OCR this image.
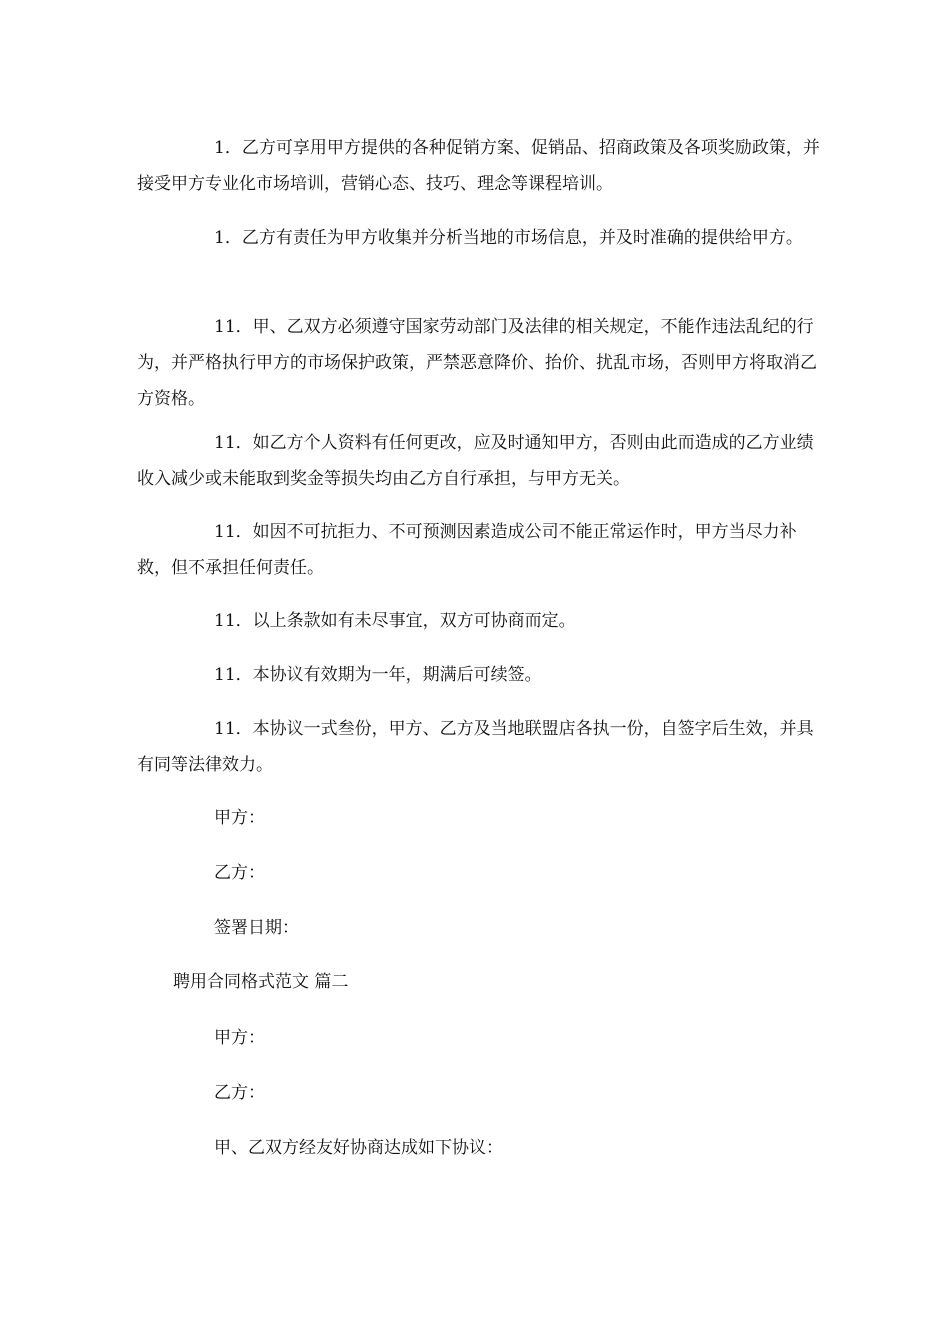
1．乙方可享用甲方提供的各种促销方案、促销品、招商政策及各项奖励政策，并接受甲方专业化市场培训，营销心态、技巧、理念等课程培训。

1．乙方有责任为甲方收集并分析当地的市场信息，并及时准确的提供给甲方。

11．甲、乙双方必须遵守国家劳动部门及法律的相关规定，不能作违法乱纪的行为，并严格执行甲方的市场保护政策，严禁恶意降价、抬价、扰乱市场，否则甲方将取消乙方资格。

11．如乙方个人资料有任何更改，应及时通知甲方，否则由此而造成的乙方业绩收入减少或未能取到奖金等损失均由乙方自行承担，与甲方无关。

11．如因不可抗拒力、不可预测因素造成公司不能正常运作时，甲方当尽力补救，但不承担任何责任。

11．以上条款如有未尽事宜，双方可协商而定。

11．本协议有效期为一年，期满后可续签。

11．本协议一式叁份，甲方、乙方及当地联盟店各执一份，自签字后生效，并具有同等法律效力。

甲方：

乙方：

签署日期：

聘用合同格式范文 篇二

甲方：

乙方：

甲、乙双方经友好协商达成如下协议：
